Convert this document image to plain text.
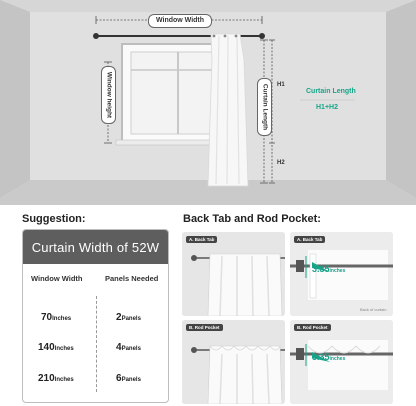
Window Width
Window height	Curtain Length H1
H2
Curtain Length
H1+H2
Suggestion:
Curtain Width of 52W
Window Width	Panels Needed
70Inches	2Panels
140Inches	4Panels
210Inches	6Panels
Back Tab and Rod Pocket:
A. Back Tab	A. Back Tab
3.35inches
Back of curtain
B. Rod Pocket	B. Rod Pocket
3.35inches
